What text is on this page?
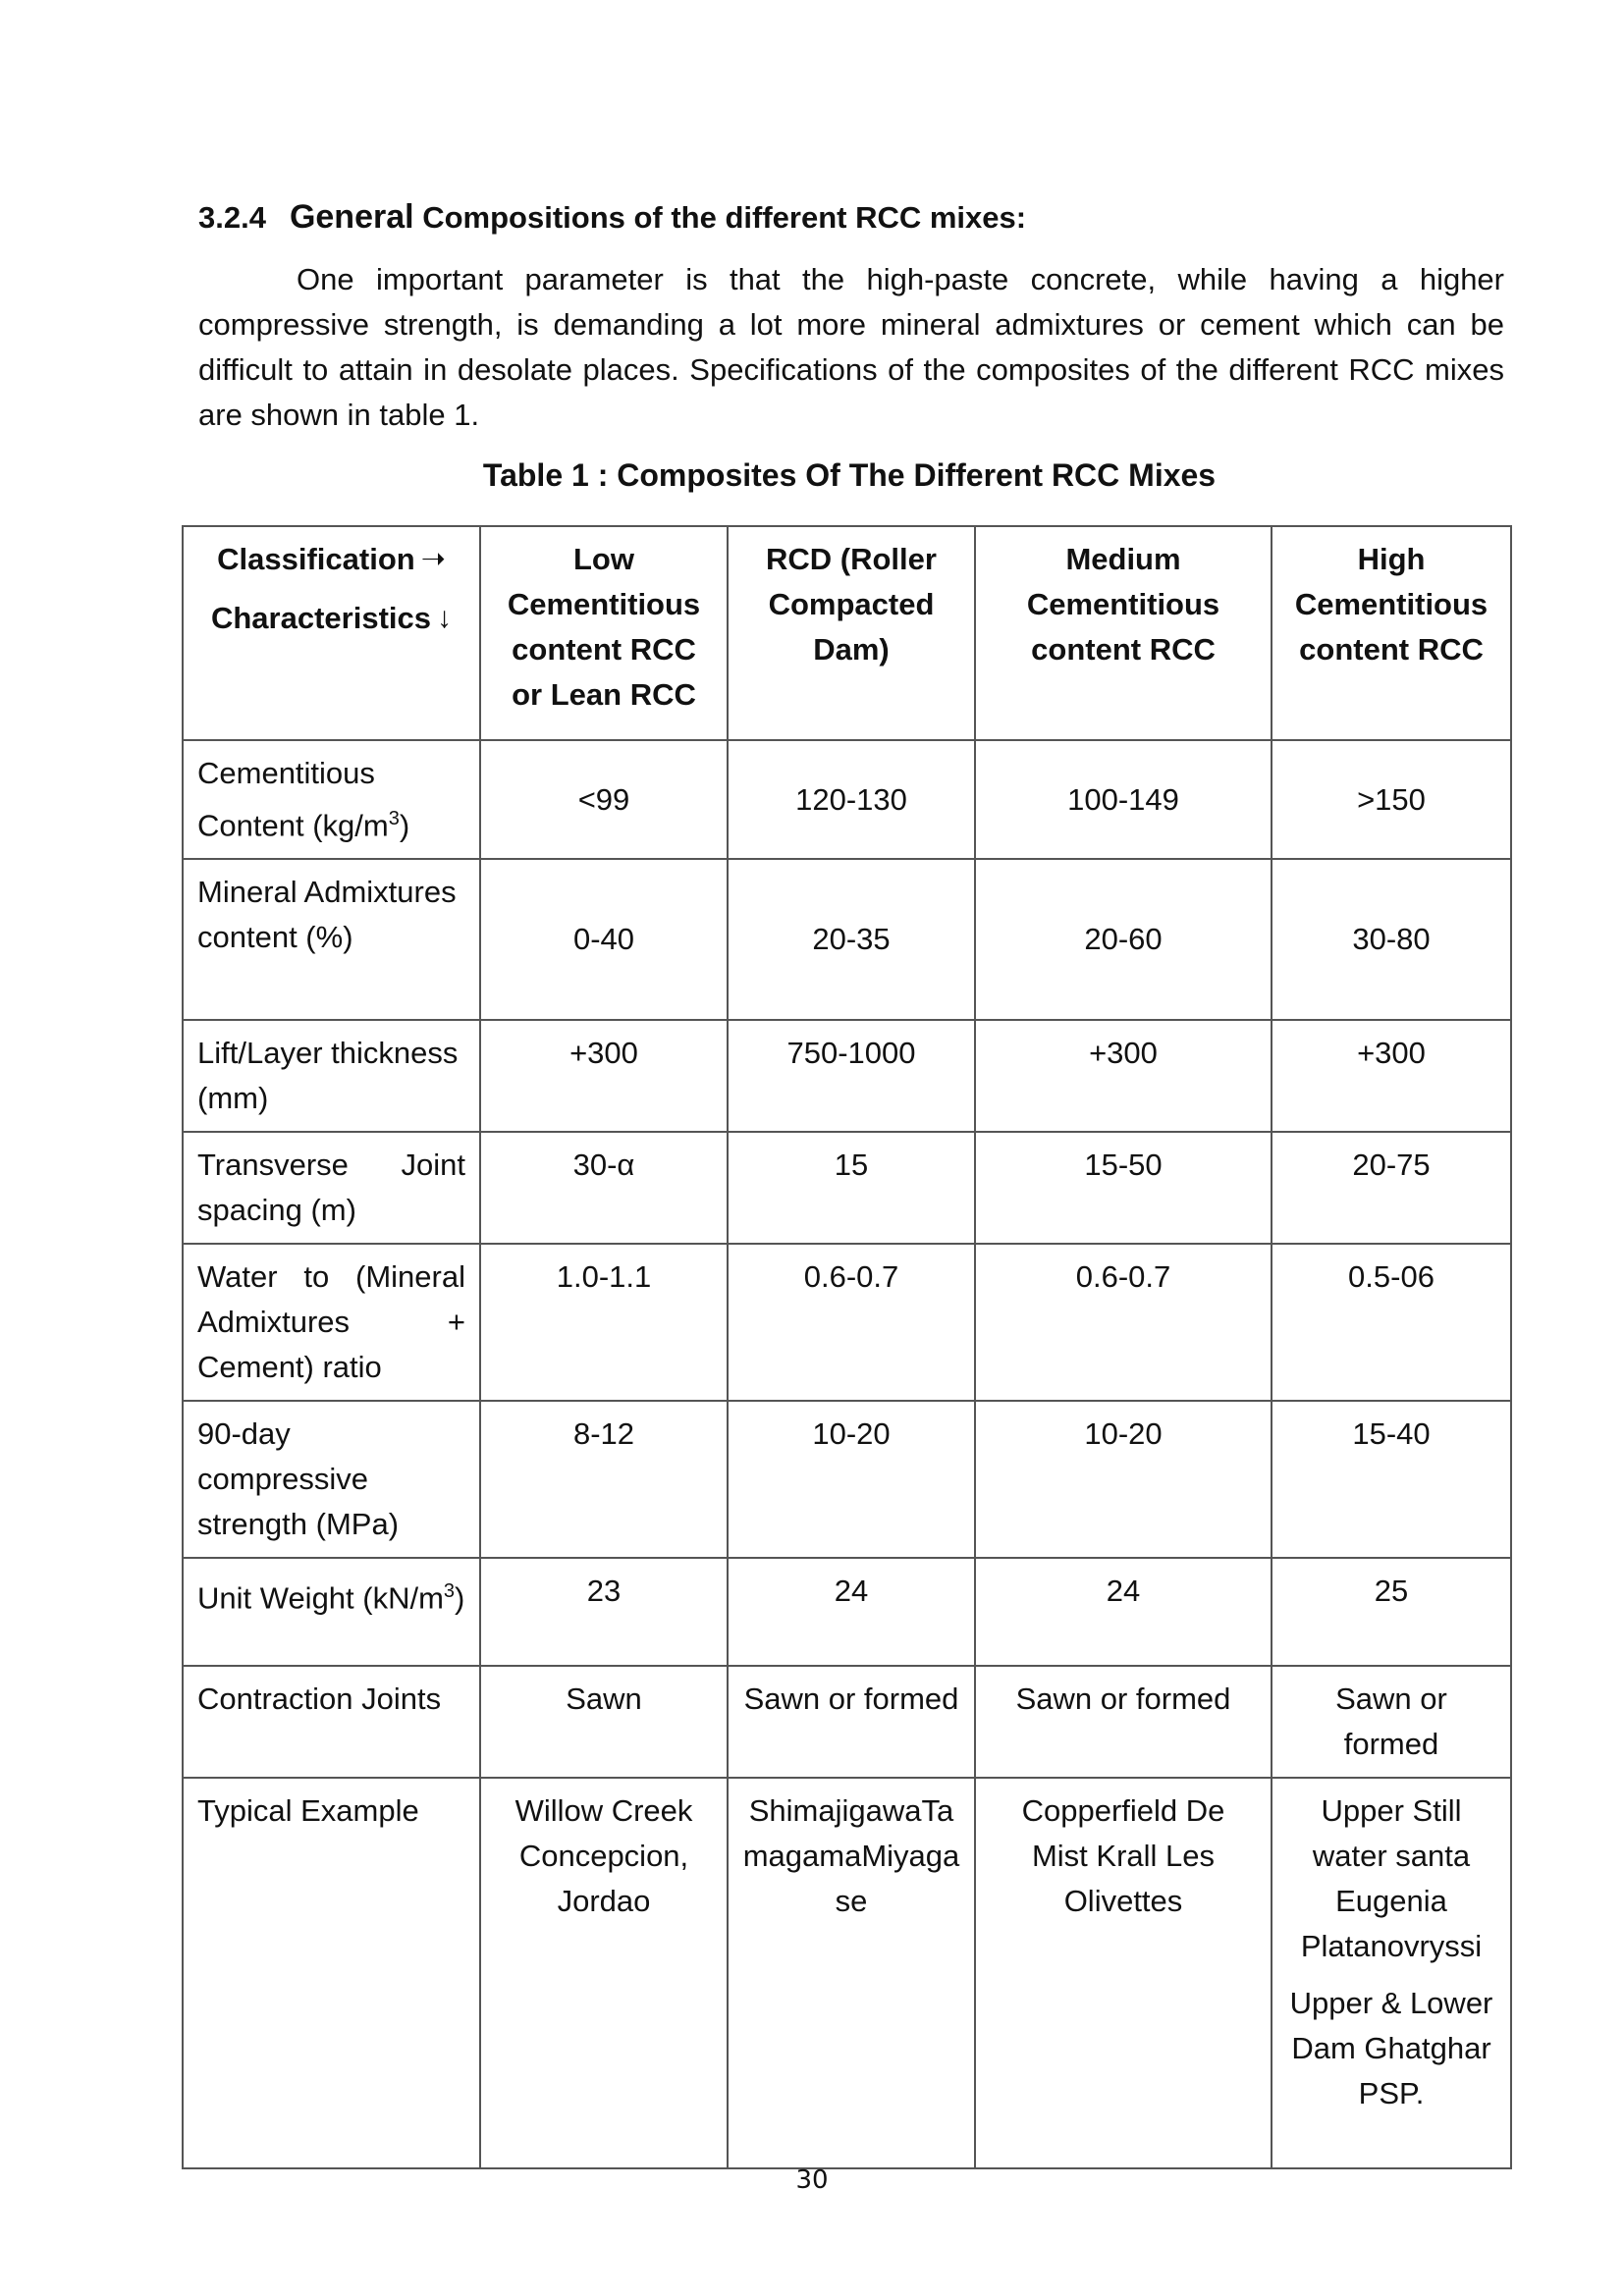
3.2.4 General Compositions of the different RCC mixes:

One important parameter is that the high-paste concrete, while having a higher compressive strength, is demanding a lot more mineral admixtures or cement which can be difficult to attain in desolate places. Specifications of the composites of the different RCC mixes are shown in table 1.

Table 1 : Composites Of The Different RCC Mixes
Classification ➝
Characteristics ↓	Low Cementitious content RCC or Lean RCC	RCD (Roller Compacted Dam)	Medium Cementitious content RCC	High Cementitious content RCC
Cementitious Content $(kg/m^3)$	<99	120-130	100-149	>150
Mineral Admixtures content (%)	0-40	20-35	20-60	30-80
Lift/Layer thickness (mm)	+300	750-1000	+300	+300
Transverse Joint spacing (m)	30-α	15	15-50	20-75
Water to (Mineral Admixtures + Cement) ratio	1.0-1.1	0.6-0.7	0.6-0.7	0.5-06
90-day compressive strength (MPa)	8-12	10-20	10-20	15-40
Unit Weight $(kN/m^3)$	23	24	24	25
Contraction Joints	Sawn	Sawn or formed	Sawn or formed	Sawn or formed
Typical Example	Willow Creek Concepcion, Jordao	ShimajigawaTamagamaMiyagase	Copperfield De Mist Krall Les Olivettes	Upper Still water santa Eugenia Platanovryssi
Upper & Lower Dam Ghatghar PSP.
30
